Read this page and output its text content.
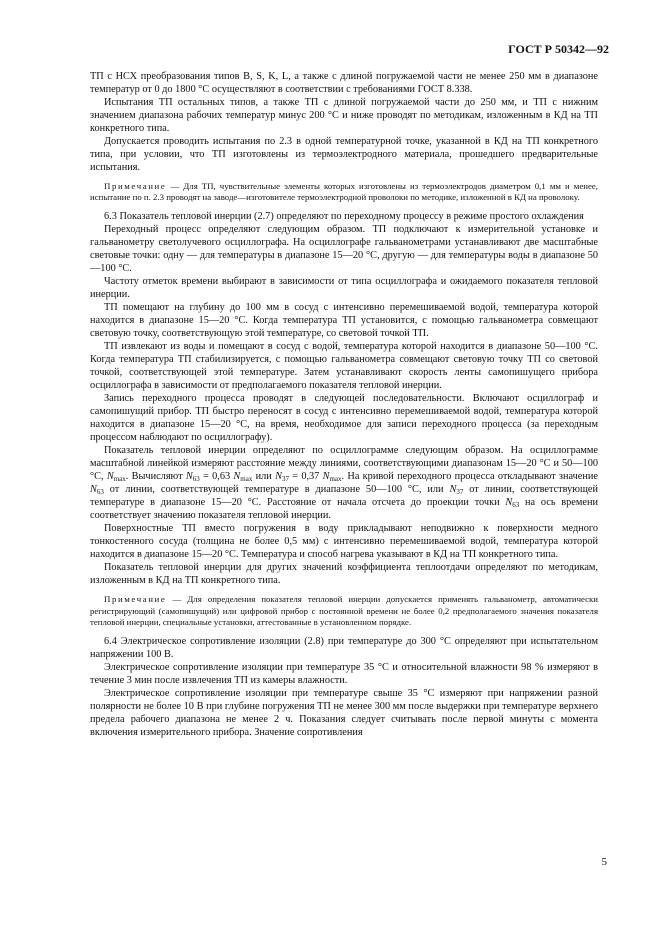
ГОСТ Р 50342—92

ТП с НСХ преобразования типов B, S, K, L, а также с длиной погружаемой части не менее 250 мм в диапазоне температур от 0 до 1800 °С осуществляют в соответствии с требованиями ГОСТ 8.338.

Испытания ТП остальных типов, а также ТП с длиной погружаемой части до 250 мм, и ТП с нижним значением диапазона рабочих температур минус 200 °С и ниже проводят по методикам, изложенным в КД на ТП конкретного типа.

Допускается проводить испытания по 2.3 в одной температурной точке, указанной в КД на ТП конкретного типа, при условии, что ТП изготовлены из термоэлектродного материала, прошедшего предварительные испытания.

Примечание — Для ТП, чувствительные элементы которых изготовлены из термоэлектродов диаметром 0,1 мм и менее, испытание по п. 2.3 проводят на заводе—изготовителе термоэлектродной проволоки по методике, изложенной в КД на проволоку.

6.3 Показатель тепловой инерции (2.7) определяют по переходному процессу в режиме простого охлаждения

Переходный процесс определяют следующим образом. ТП подключают к измерительной установке и гальванометру светолучевого осциллографа. На осциллографе гальванометрами устанавливают две масштабные световые точки: одну — для температуры в диапазоне 15—20 °С, другую — для температуры воды в диапазоне 50—100 °С.

Частоту отметок времени выбирают в зависимости от типа осциллографа и ожидаемого показателя тепловой инерции.

ТП помещают на глубину до 100 мм в сосуд с интенсивно перемешиваемой водой, температура которой находится в диапазоне 15—20 °С. Когда температура ТП установится, с помощью гальванометра совмещают световую точку, соответствующую этой температуре, со световой точкой ТП.

ТП извлекают из воды и помещают в сосуд с водой, температура которой находится в диапазоне 50—100 °С. Когда температура ТП стабилизируется, с помощью гальванометра совмещают световую точку ТП со световой точкой, соответствующей этой температуре. Затем устанавливают скорость ленты самопишущего прибора осциллографа в зависимости от предполагаемого показателя тепловой инерции.

Запись переходного процесса проводят в следующей последовательности. Включают осциллограф и самопишущий прибор. ТП быстро переносят в сосуд с интенсивно перемешиваемой водой, температура которой находится в диапазоне 15—20 °С, на время, необходимое для записи переходного процесса (за переходным процессом наблюдают по осциллографу).

Показатель тепловой инерции определяют по осциллограмме следующим образом. На осциллограмме масштабной линейкой измеряют расстояние между линиями, соответствующими диапазонам 15—20 °С и 50—100 °С, $N_{max}$. Вычисляют $N_{63} = 0,63$ $N_{max}$ или $N_{37} = 0,37$ $N_{max}$. На кривой переходного процесса откладывают значение $N_{63}$ от линии, соответствующей температуре в диапазоне 50—100 °С, или $N_{37}$ от линии, соответствующей температуре в диапазоне 15—20 °С. Расстояние от начала отсчета до проекции точки $N_{63}$ на ось времени соответствует значению показателя тепловой инерции.

Поверхностные ТП вместо погружения в воду прикладывают неподвижно к поверхности медного тонкостенного сосуда (толщина не более 0,5 мм) с интенсивно перемешиваемой водой, температура которой находится в диапазоне 15—20 °С. Температура и способ нагрева указывают в КД на ТП конкретного типа.

Показатель тепловой инерции для других значений коэффициента теплоотдачи определяют по методикам, изложенным в КД на ТП конкретного типа.

Примечание — Для определения показателя тепловой инерции допускается применять гальванометр, автоматически регистрирующий (самопишущий) или цифровой прибор с постоянной времени не более 0,2 предполагаемого значения показателя тепловой инерции, специальные установки, аттестованные в установленном порядке.

6.4 Электрическое сопротивление изоляции (2.8) при температуре до 300 °С определяют при испытательном напряжении 100 В.

Электрическое сопротивление изоляции при температуре 35 °С и относительной влажности 98 % измеряют в течение 3 мин после извлечения ТП из камеры влажности.

Электрическое сопротивление изоляции при температуре свыше 35 °С измеряют при напряжении разной полярности не более 10 В при глубине погружения ТП не менее 300 мм после выдержки при температуре верхнего предела рабочего диапазона не менее 2 ч. Показания следует считывать после первой минуты с момента включения измерительного прибора. Значение сопротивления

5
